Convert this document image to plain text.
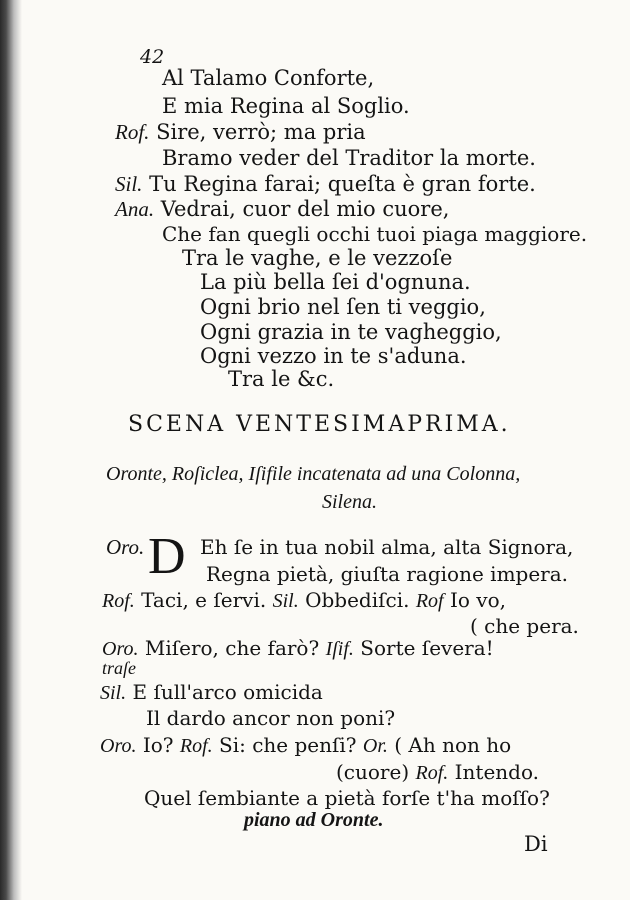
42
Al Talamo Conforte,
E mia Regina al Soglio.
Rof. Sire, verrò; ma pria
Bramo veder del Traditor la morte.
Sil. Tu Regina farai; queſta è gran forte.
Ana. Vedrai, cuor del mio cuore,
Che fan quegli occhi tuoi piaga maggiore.
Tra le vaghe, e le vezzoſe
La più bella ſei d'ognuna.
Ogni brio nel ſen ti veggio,
Ogni grazia in te vagheggio,
Ogni vezzo in te s'aduna.
Tra le &c.
SCENA VENTESIMAPRIMA.
Oronte, Roſiclea, Iſifile incatenata ad una Colonna,
Silena.
D
Oro.	Eh ſe in tua nobil alma, alta Signora,
Regna pietà, giuſta ragione impera.
Rof. Taci, e ſervi. Sil. Obbediſci. Rof Io vo,
( che pera.
Oro. Miſero, che farò? Iſif. Sorte ſevera!
traſe
Sil. E ſull'arco omicida
Il dardo ancor non poni?
Oro. Io? Rof. Si: che penſi? Or. ( Ah non ho
(cuore) Rof. Intendo.
Quel ſembiante a pietà forſe t'ha moſſo?
piano ad Oronte.
Di
